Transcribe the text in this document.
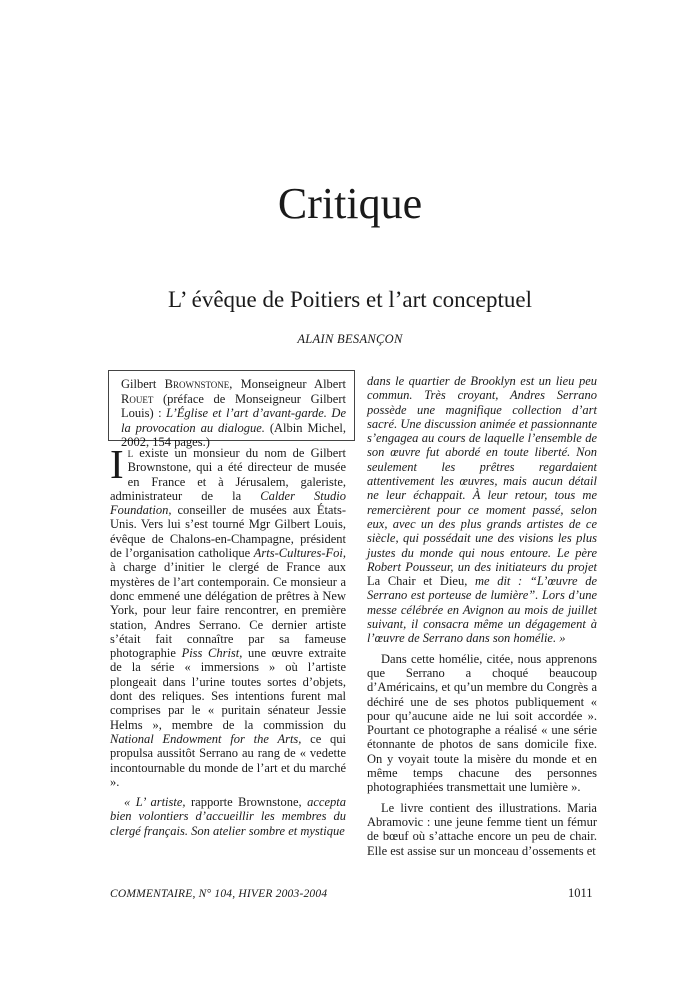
Critique
L’ évêque de Poitiers et l’art conceptuel
ALAIN BESANÇON
Gilbert Brownstone, Monseigneur Albert Rouet (préface de Monseigneur Gilbert Louis) : L’Église et l’art d’avant-garde. De la provocation au dialogue. (Albin Michel, 2002, 154 pages.)

Il existe un monsieur du nom de Gilbert Brownstone, qui a été directeur de musée en France et à Jérusalem, galeriste, administrateur de la Calder Studio Foundation, conseiller de musées aux États-Unis. Vers lui s’est tourné Mgr Gilbert Louis, évêque de Chalons-en-Champagne, président de l’organisation catholique Arts-Cultures-Foi, à charge d’initier le clergé de France aux mystères de l’art contemporain. Ce monsieur a donc emmené une délégation de prêtres à New York, pour leur faire rencontrer, en première station, Andres Serrano. Ce dernier artiste s’était fait connaître par sa fameuse photographie Piss Christ, une œuvre extraite de la série « immersions » où l’artiste plongeait dans l’urine toutes sortes d’objets, dont des reliques. Ses intentions furent mal comprises par le « puritain sénateur Jessie Helms », membre de la commission du National Endowment for the Arts, ce qui propulsa aussitôt Serrano au rang de « vedette incontournable du monde de l’art et du marché ».

« L’ artiste, rapporte Brownstone, accepta bien volontiers d’accueillir les membres du clergé français. Son atelier sombre et mystique

dans le quartier de Brooklyn est un lieu peu commun. Très croyant, Andres Serrano possède une magnifique collection d’art sacré. Une discussion animée et passionnante s’engagea au cours de laquelle l’ensemble de son œuvre fut abordé en toute liberté. Non seulement les prêtres regardaient attentivement les œuvres, mais aucun détail ne leur échappait. À leur retour, tous me remercièrent pour ce moment passé, selon eux, avec un des plus grands artistes de ce siècle, qui possédait une des visions les plus justes du monde qui nous entoure. Le père Robert Pousseur, un des initiateurs du projet La Chair et Dieu, me dit : “L’œuvre de Serrano est porteuse de lumière”. Lors d’une messe célébrée en Avignon au mois de juillet suivant, il consacra même un dégagement à l’œuvre de Serrano dans son homélie. »

Dans cette homélie, citée, nous apprenons que Serrano a choqué beaucoup d’Américains, et qu’un membre du Congrès a déchiré une de ses photos publiquement « pour qu’aucune aide ne lui soit accordée ». Pourtant ce photographe a réalisé « une série étonnante de photos de sans domicile fixe. On y voyait toute la misère du monde et en même temps chacune des personnes photographiées transmettait une lumière ».

Le livre contient des illustrations. Maria Abramovic : une jeune femme tient un fémur de bœuf où s’attache encore un peu de chair. Elle est assise sur un monceau d’ossements et

COMMENTAIRE, N° 104, HIVER 2003-2004	1011
